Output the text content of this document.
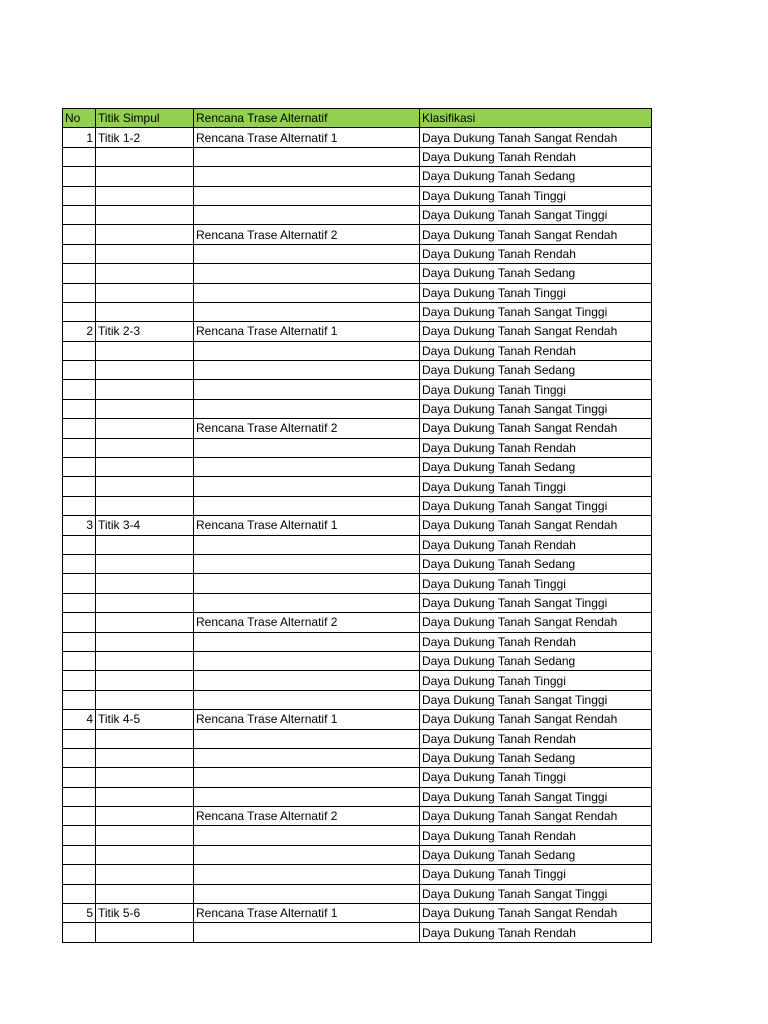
No	Titik Simpul	Rencana Trase Alternatif	Klasifikasi
1	Titik 1-2	Rencana Trase Alternatif 1	Daya Dukung Tanah Sangat Rendah
			Daya Dukung Tanah Rendah
			Daya Dukung Tanah Sedang
			Daya Dukung Tanah Tinggi
			Daya Dukung Tanah Sangat Tinggi
		Rencana Trase Alternatif 2	Daya Dukung Tanah Sangat Rendah
			Daya Dukung Tanah Rendah
			Daya Dukung Tanah Sedang
			Daya Dukung Tanah Tinggi
			Daya Dukung Tanah Sangat Tinggi
2	Titik 2-3	Rencana Trase Alternatif 1	Daya Dukung Tanah Sangat Rendah
			Daya Dukung Tanah Rendah
			Daya Dukung Tanah Sedang
			Daya Dukung Tanah Tinggi
			Daya Dukung Tanah Sangat Tinggi
		Rencana Trase Alternatif 2	Daya Dukung Tanah Sangat Rendah
			Daya Dukung Tanah Rendah
			Daya Dukung Tanah Sedang
			Daya Dukung Tanah Tinggi
			Daya Dukung Tanah Sangat Tinggi
3	Titik 3-4	Rencana Trase Alternatif 1	Daya Dukung Tanah Sangat Rendah
			Daya Dukung Tanah Rendah
			Daya Dukung Tanah Sedang
			Daya Dukung Tanah Tinggi
			Daya Dukung Tanah Sangat Tinggi
		Rencana Trase Alternatif 2	Daya Dukung Tanah Sangat Rendah
			Daya Dukung Tanah Rendah
			Daya Dukung Tanah Sedang
			Daya Dukung Tanah Tinggi
			Daya Dukung Tanah Sangat Tinggi
4	Titik 4-5	Rencana Trase Alternatif 1	Daya Dukung Tanah Sangat Rendah
			Daya Dukung Tanah Rendah
			Daya Dukung Tanah Sedang
			Daya Dukung Tanah Tinggi
			Daya Dukung Tanah Sangat Tinggi
		Rencana Trase Alternatif 2	Daya Dukung Tanah Sangat Rendah
			Daya Dukung Tanah Rendah
			Daya Dukung Tanah Sedang
			Daya Dukung Tanah Tinggi
			Daya Dukung Tanah Sangat Tinggi
5	Titik 5-6	Rencana Trase Alternatif 1	Daya Dukung Tanah Sangat Rendah
			Daya Dukung Tanah Rendah
